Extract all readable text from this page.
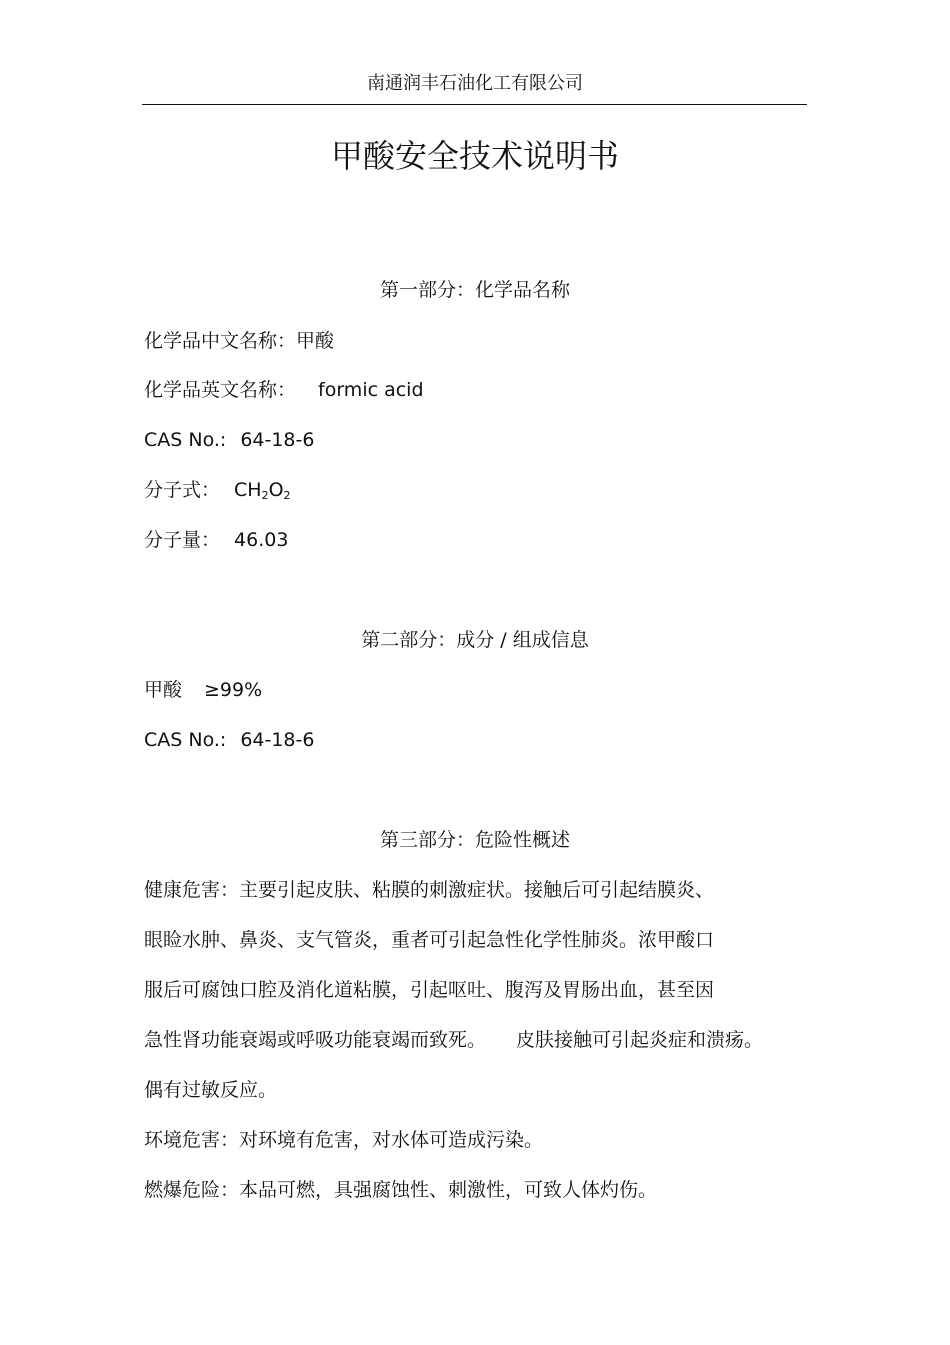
南通润丰石油化工有限公司
甲酸安全技术说明书
第一部分：化学品名称
化学品中文名称：甲酸
化学品英文名称： formic acid
CAS No.: 64-18-6
分子式： $CH_2O_2$
分子量： 46.03
第二部分：成分 / 组成信息
甲酸 ≥99%
CAS No.: 64-18-6
第三部分：危险性概述
健康危害：主要引起皮肤、粘膜的刺激症状。接触后可引起结膜炎、
眼睑水肿、鼻炎、支气管炎，重者可引起急性化学性肺炎。浓甲酸口
服后可腐蚀口腔及消化道粘膜，引起呕吐、腹泻及胃肠出血，甚至因
急性肾功能衰竭或呼吸功能衰竭而致死。 皮肤接触可引起炎症和溃疡。
偶有过敏反应。
环境危害：对环境有危害，对水体可造成污染。
燃爆危险：本品可燃，具强腐蚀性、刺激性，可致人体灼伤。
